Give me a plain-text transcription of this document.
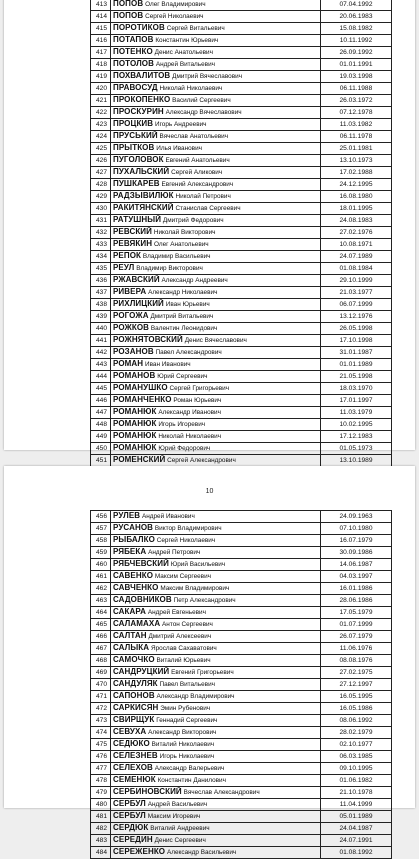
413	ПОПОВ Олег Владимирович	07.04.1992
414	ПОПОВ Сергей Николаевич	20.06.1983
415	ПОРОТИКОВ Сергей Витальевич	15.08.1982
416	ПОТАПОВ Константин Юрьевич	10.11.1992
417	ПОТЕНКО Денис Анатольевич	26.09.1992
418	ПОТОЛОВ Андрей Витальевич	01.01.1991
419	ПОХВАЛИТОВ Дмитрий Вячеславович	19.03.1998
420	ПРАВОСУД Николай Николаевич	06.11.1988
421	ПРОКОПЕНКО Василий Сергеевич	26.03.1972
422	ПРОСКУРИН Александр Вячеславович	07.12.1978
423	ПРОЦКИВ Игорь Андреевич	11.03.1982
424	ПРУСЬКИЙ Вячеслав Анатольевич	06.11.1978
425	ПРЫТКОВ Илья Иванович	25.01.1981
426	ПУГОЛОВОК Евгений Анатольевич	13.10.1973
427	ПУХАЛЬСКИЙ Сергей Аликович	17.02.1988
428	ПУШКАРЕВ Евгений Александрович	24.12.1995
429	РАДЗЫВИЛЮК Николай Петрович	16.08.1980
430	РАКИТЯНСКИЙ Станислав Сергеевич	18.01.1995
431	РАТУШНЫЙ Дмитрий Федорович	24.08.1983
432	РЕВСКИЙ Николай Викторович	27.02.1976
433	РЕВЯКИН Олег Анатольевич	10.08.1971
434	РЕПОК Владимир Васильевич	24.07.1989
435	РЕУЛ Владимир Викторович	01.08.1984
436	РЖАВСКИЙ Александр Андреевич	29.10.1999
437	РИВЕРА Александр Николаевич	21.03.1977
438	РИХЛИЦКИЙ Иван Юрьевич	06.07.1999
439	РОГОЖА Дмитрий Витальевич	13.12.1976
440	РОЖКОВ Валентин Леонидович	26.05.1998
441	РОЖНЯТОВСКИЙ Денис Вячеславович	17.10.1998
442	РОЗАНОВ Павел Александрович	31.01.1987
443	РОМАН Иван Иванович	01.01.1989
444	РОМАНОВ Юрий Сергеевич	21.05.1998
445	РОМАНУШКО Сергей Григорьевич	18.03.1970
446	РОМАНЧЕНКО Роман Юрьевич	17.01.1997
447	РОМАНЮК Александр Иванович	11.03.1979
448	РОМАНЮК Игорь Игоревич	10.02.1995
449	РОМАНЮК Николай Николаевич	17.12.1983
450	РОМАНЮК Юрий Федорович	01.05.1973
451	РОМЕНСКИЙ Сергей Александрович	13.10.1989

10
456	РУЛЕВ Андрей Иванович	24.09.1963
457	РУСАНОВ Виктор Владимирович	07.10.1980
458	РЫБАЛКО Сергей Николаевич	16.07.1979
459	РЯБЕКА Андрей Петрович	30.09.1986
460	РЯБЧЕВСКИЙ Юрий Васильевич	14.06.1987
461	САВЕНКО Максим Сергеевич	04.03.1997
462	САВЧЕНКО Максим Владимирович	16.01.1986
463	САДОВНИКОВ Петр Александрович	28.06.1986
464	САКАРА Андрей Евгеньевич	17.05.1979
465	САЛАМАХА Антон Сергеевич	01.07.1999
466	САЛТАН Дмитрий Алексеевич	26.07.1979
467	САЛЫКА Ярослав Сахаватович	11.06.1976
468	САМОЧКО Виталий Юрьевич	08.08.1976
469	САНДРУЦКИЙ Евгений Григорьевич	27.02.1975
470	САНДУЛЯК Павел Витальевич	27.12.1997
471	САПОНОВ Александр Владимирович	16.05.1995
472	САРКИСЯН Эмин Рубенович	16.05.1986
473	СВИРЩУК Геннадий Сергеевич	08.06.1992
474	СЕВУХА Александр Викторович	28.02.1979
475	СЕДЮКО Виталий Николаевич	02.10.1977
476	СЕЛЕЗНЕВ Игорь Николаевич	06.03.1985
477	СЕЛЕХОВ Александр Валерьевич	09.10.1995
478	СЕМЕНЮК Константин Данилович	01.06.1982
479	СЕРБИНОВСКИЙ Вячеслав Александрович	21.10.1978
480	СЕРБУЛ Андрей Васильевич	11.04.1999
481	СЕРБУЛ Максим Игоревич	05.01.1989
482	СЕРДЮК Виталий Андреевич	24.04.1987
483	СЕРЕДИН Денис Сергеевич	24.07.1991
484	СЕРЕЖЕНКО Александр Васильевич	01.08.1992
